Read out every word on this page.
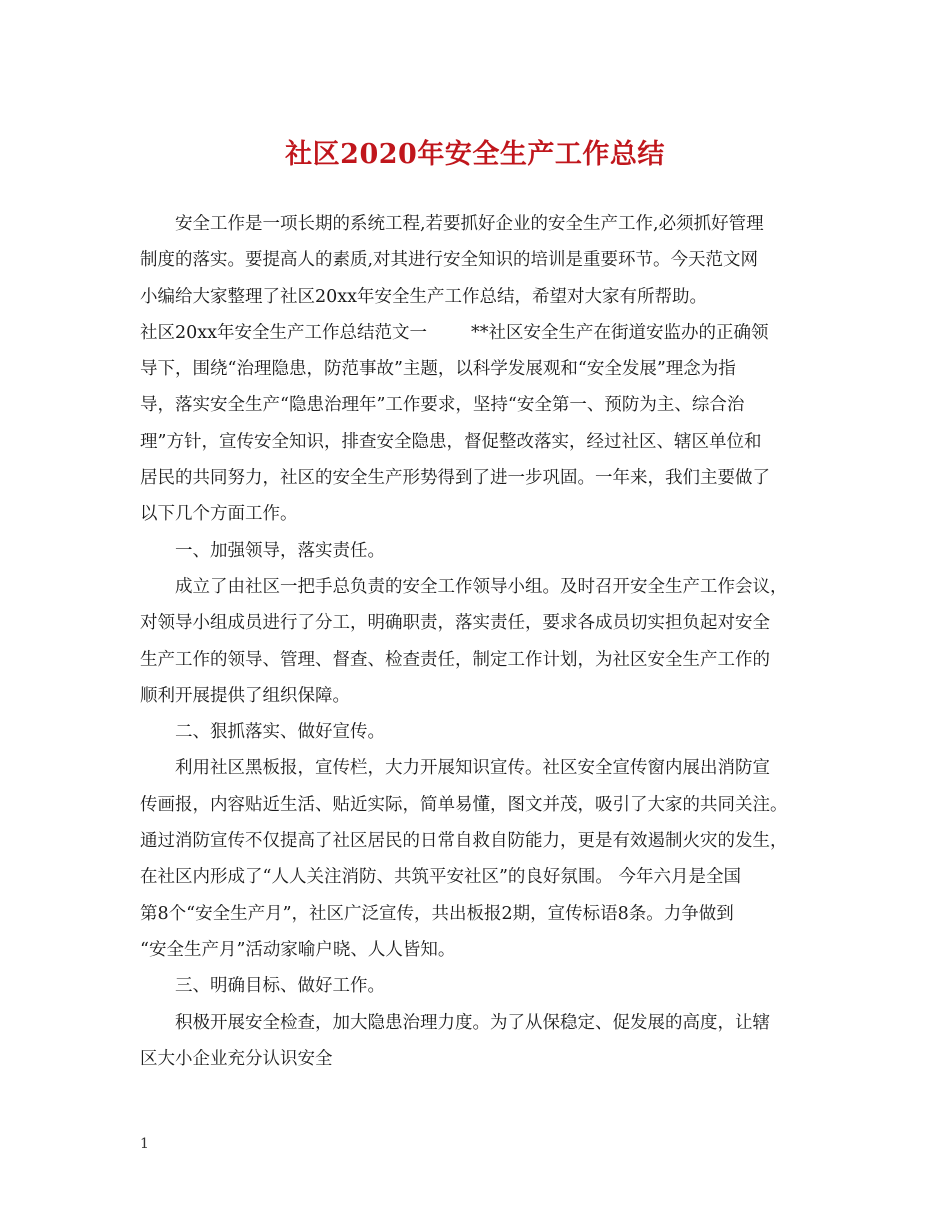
社区2020年安全生产工作总结
安全工作是一项长期的系统工程,若要抓好企业的安全生产工作,必须抓好管理
制度的落实。要提高人的素质,对其进行安全知识的培训是重要环节。今天范文网
小编给大家整理了社区20xx年安全生产工作总结，希望对大家有所帮助。
社区20xx年安全生产工作总结范文一	**社区安全生产在街道安监办的正确领
导下，围绕“治理隐患，防范事故”主题，以科学发展观和“安全发展”理念为指
导，落实安全生产“隐患治理年”工作要求，坚持“安全第一、预防为主、综合治
理”方针，宣传安全知识，排查安全隐患，督促整改落实，经过社区、辖区单位和
居民的共同努力，社区的安全生产形势得到了进一步巩固。一年来，我们主要做了
以下几个方面工作。
一、加强领导，落实责任。
成立了由社区一把手总负责的安全工作领导小组。及时召开安全生产工作会议，
对领导小组成员进行了分工，明确职责，落实责任，要求各成员切实担负起对安全
生产工作的领导、管理、督查、检查责任，制定工作计划，为社区安全生产工作的
顺利开展提供了组织保障。
二、狠抓落实、做好宣传。
利用社区黑板报，宣传栏，大力开展知识宣传。社区安全宣传窗内展出消防宣
传画报，内容贴近生活、贴近实际，简单易懂，图文并茂，吸引了大家的共同关注。
通过消防宣传不仅提高了社区居民的日常自救自防能力，更是有效遏制火灾的发生，
在社区内形成了“人人关注消防、共筑平安社区”的良好氛围。 今年六月是全国
第8个“安全生产月”，社区广泛宣传，共出板报2期，宣传标语8条。力争做到
“安全生产月”活动家喻户晓、人人皆知。
三、明确目标、做好工作。
积极开展安全检查，加大隐患治理力度。为了从保稳定、促发展的高度，让辖
区大小企业充分认识安全
1
